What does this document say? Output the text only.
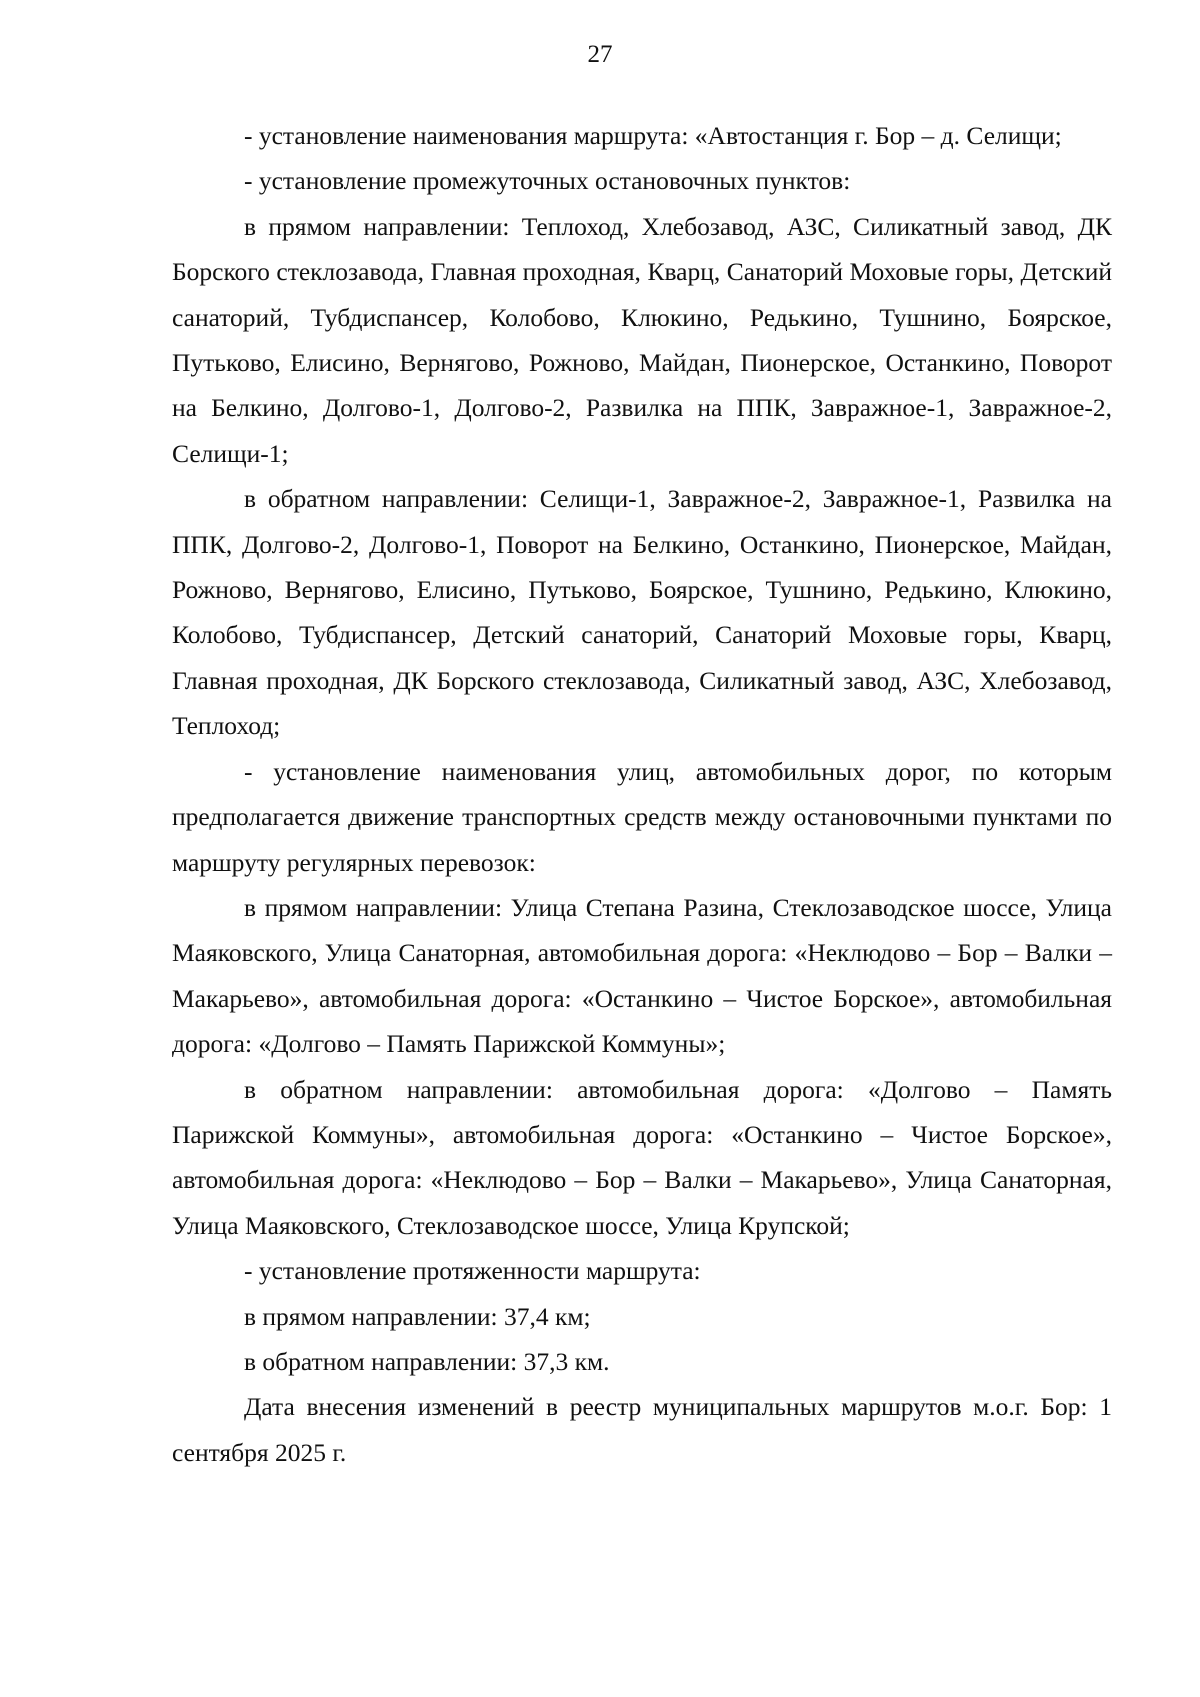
27

- установление наименования маршрута: «Автостанция г. Бор – д. Селищи;

- установление промежуточных остановочных пунктов:

в прямом направлении: Теплоход, Хлебозавод, АЗС, Силикатный завод, ДК Борского стеклозавода, Главная проходная, Кварц, Санаторий Моховые горы, Детский санаторий, Тубдиспансер, Колобово, Клюкино, Редькино, Тушнино, Боярское, Путьково, Елисино, Вернягово, Рожново, Майдан, Пионерское, Останкино, Поворот на Белкино, Долгово-1, Долгово-2, Развилка на ППК, Завражное-1, Завражное-2, Селищи-1;

в обратном направлении: Селищи-1, Завражное-2, Завражное-1, Развилка на ППК, Долгово-2, Долгово-1, Поворот на Белкино, Останкино, Пионерское, Майдан, Рожново, Вернягово, Елисино, Путьково, Боярское, Тушнино, Редькино, Клюкино, Колобово, Тубдиспансер, Детский санаторий, Санаторий Моховые горы, Кварц, Главная проходная, ДК Борского стеклозавода, Силикатный завод, АЗС, Хлебозавод, Теплоход;

- установление наименования улиц, автомобильных дорог, по которым предполагается движение транспортных средств между остановочными пунктами по маршруту регулярных перевозок:

в прямом направлении: Улица Степана Разина, Стеклозаводское шоссе, Улица Маяковского, Улица Санаторная, автомобильная дорога: «Неклюдово – Бор – Валки – Макарьево», автомобильная дорога: «Останкино – Чистое Борское», автомобильная дорога: «Долгово – Память Парижской Коммуны»;

в обратном направлении: автомобильная дорога: «Долгово – Память Парижской Коммуны», автомобильная дорога: «Останкино – Чистое Борское», автомобильная дорога: «Неклюдово – Бор – Валки – Макарьево», Улица Санаторная, Улица Маяковского, Стеклозаводское шоссе, Улица Крупской;

- установление протяженности маршрута:

в прямом направлении: 37,4 км;

в обратном направлении: 37,3 км.

Дата внесения изменений в реестр муниципальных маршрутов м.о.г. Бор: 1 сентября 2025 г.
